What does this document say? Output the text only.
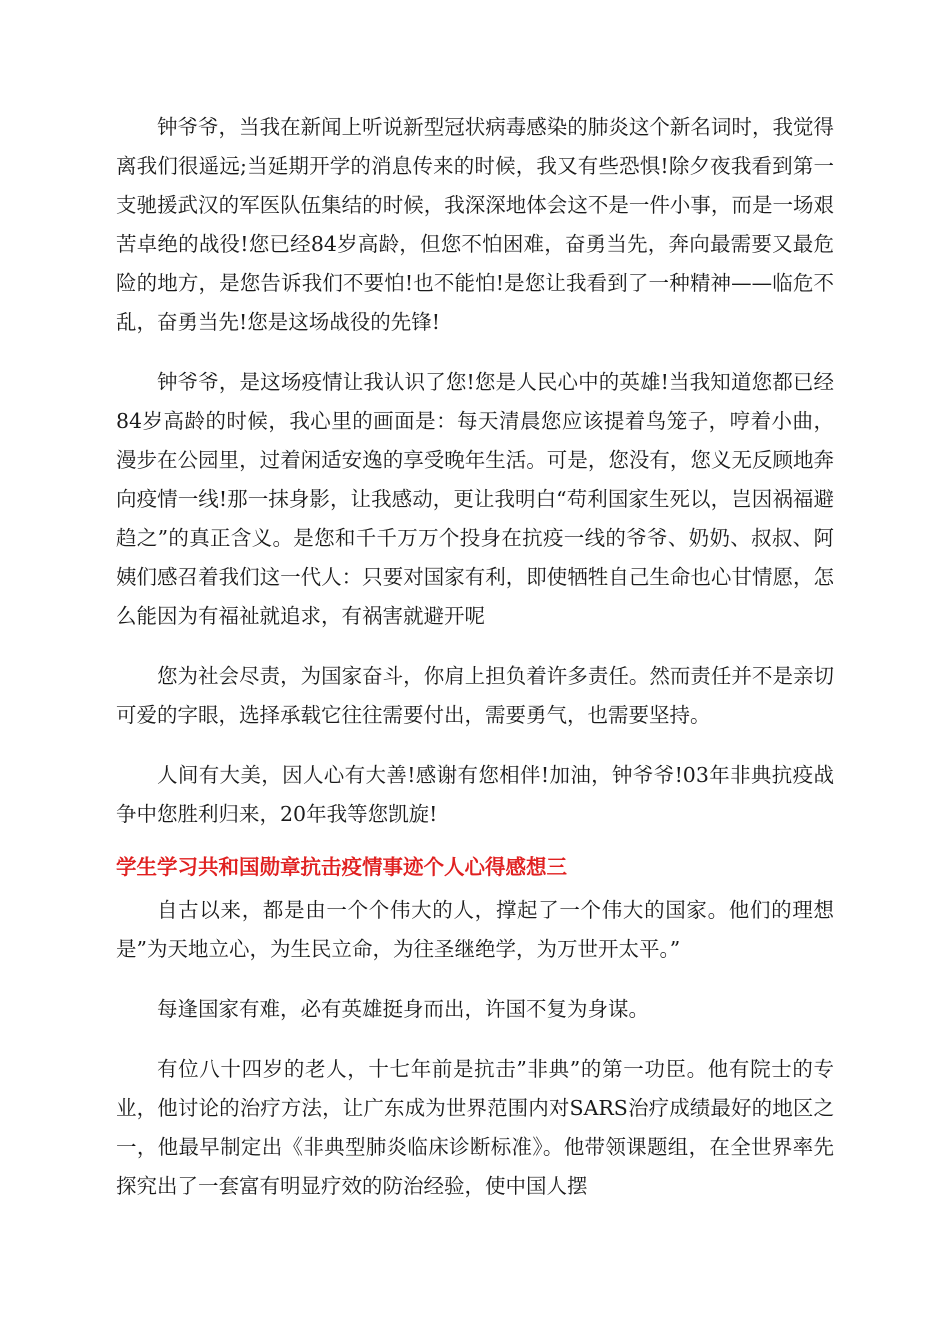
钟爷爷，当我在新闻上听说新型冠状病毒感染的肺炎这个新名词时，我觉得离我们很遥远;当延期开学的消息传来的时候，我又有些恐惧!除夕夜我看到第一支驰援武汉的军医队伍集结的时候，我深深地体会这不是一件小事，而是一场艰苦卓绝的战役!您已经84岁高龄，但您不怕困难，奋勇当先，奔向最需要又最危险的地方，是您告诉我们不要怕!也不能怕!是您让我看到了一种精神——临危不乱，奋勇当先!您是这场战役的先锋!

钟爷爷，是这场疫情让我认识了您!您是人民心中的英雄!当我知道您都已经84岁高龄的时候，我心里的画面是：每天清晨您应该提着鸟笼子，哼着小曲，漫步在公园里，过着闲适安逸的享受晚年生活。可是，您没有，您义无反顾地奔向疫情一线!那一抹身影，让我感动，更让我明白“苟利国家生死以，岂因祸福避趋之”的真正含义。是您和千千万万个投身在抗疫一线的爷爷、奶奶、叔叔、阿姨们感召着我们这一代人：只要对国家有利，即使牺牲自己生命也心甘情愿，怎么能因为有福祉就追求，有祸害就避开呢

您为社会尽责，为国家奋斗，你肩上担负着许多责任。然而责任并不是亲切可爱的字眼，选择承载它往往需要付出，需要勇气，也需要坚持。

人间有大美，因人心有大善!感谢有您相伴!加油，钟爷爷!03年非典抗疫战争中您胜利归来，20年我等您凯旋!

学生学习共和国勋章抗击疫情事迹个人心得感想三

自古以来，都是由一个个伟大的人，撑起了一个伟大的国家。他们的理想是”为天地立心，为生民立命，为往圣继绝学，为万世开太平。”

每逢国家有难，必有英雄挺身而出，许国不复为身谋。

有位八十四岁的老人，十七年前是抗击”非典”的第一功臣。他有院士的专业，他讨论的治疗方法，让广东成为世界范围内对SARS治疗成绩最好的地区之一，他最早制定出《非典型肺炎临床诊断标准》。他带领课题组，在全世界率先探究出了一套富有明显疗效的防治经验，使中国人摆
